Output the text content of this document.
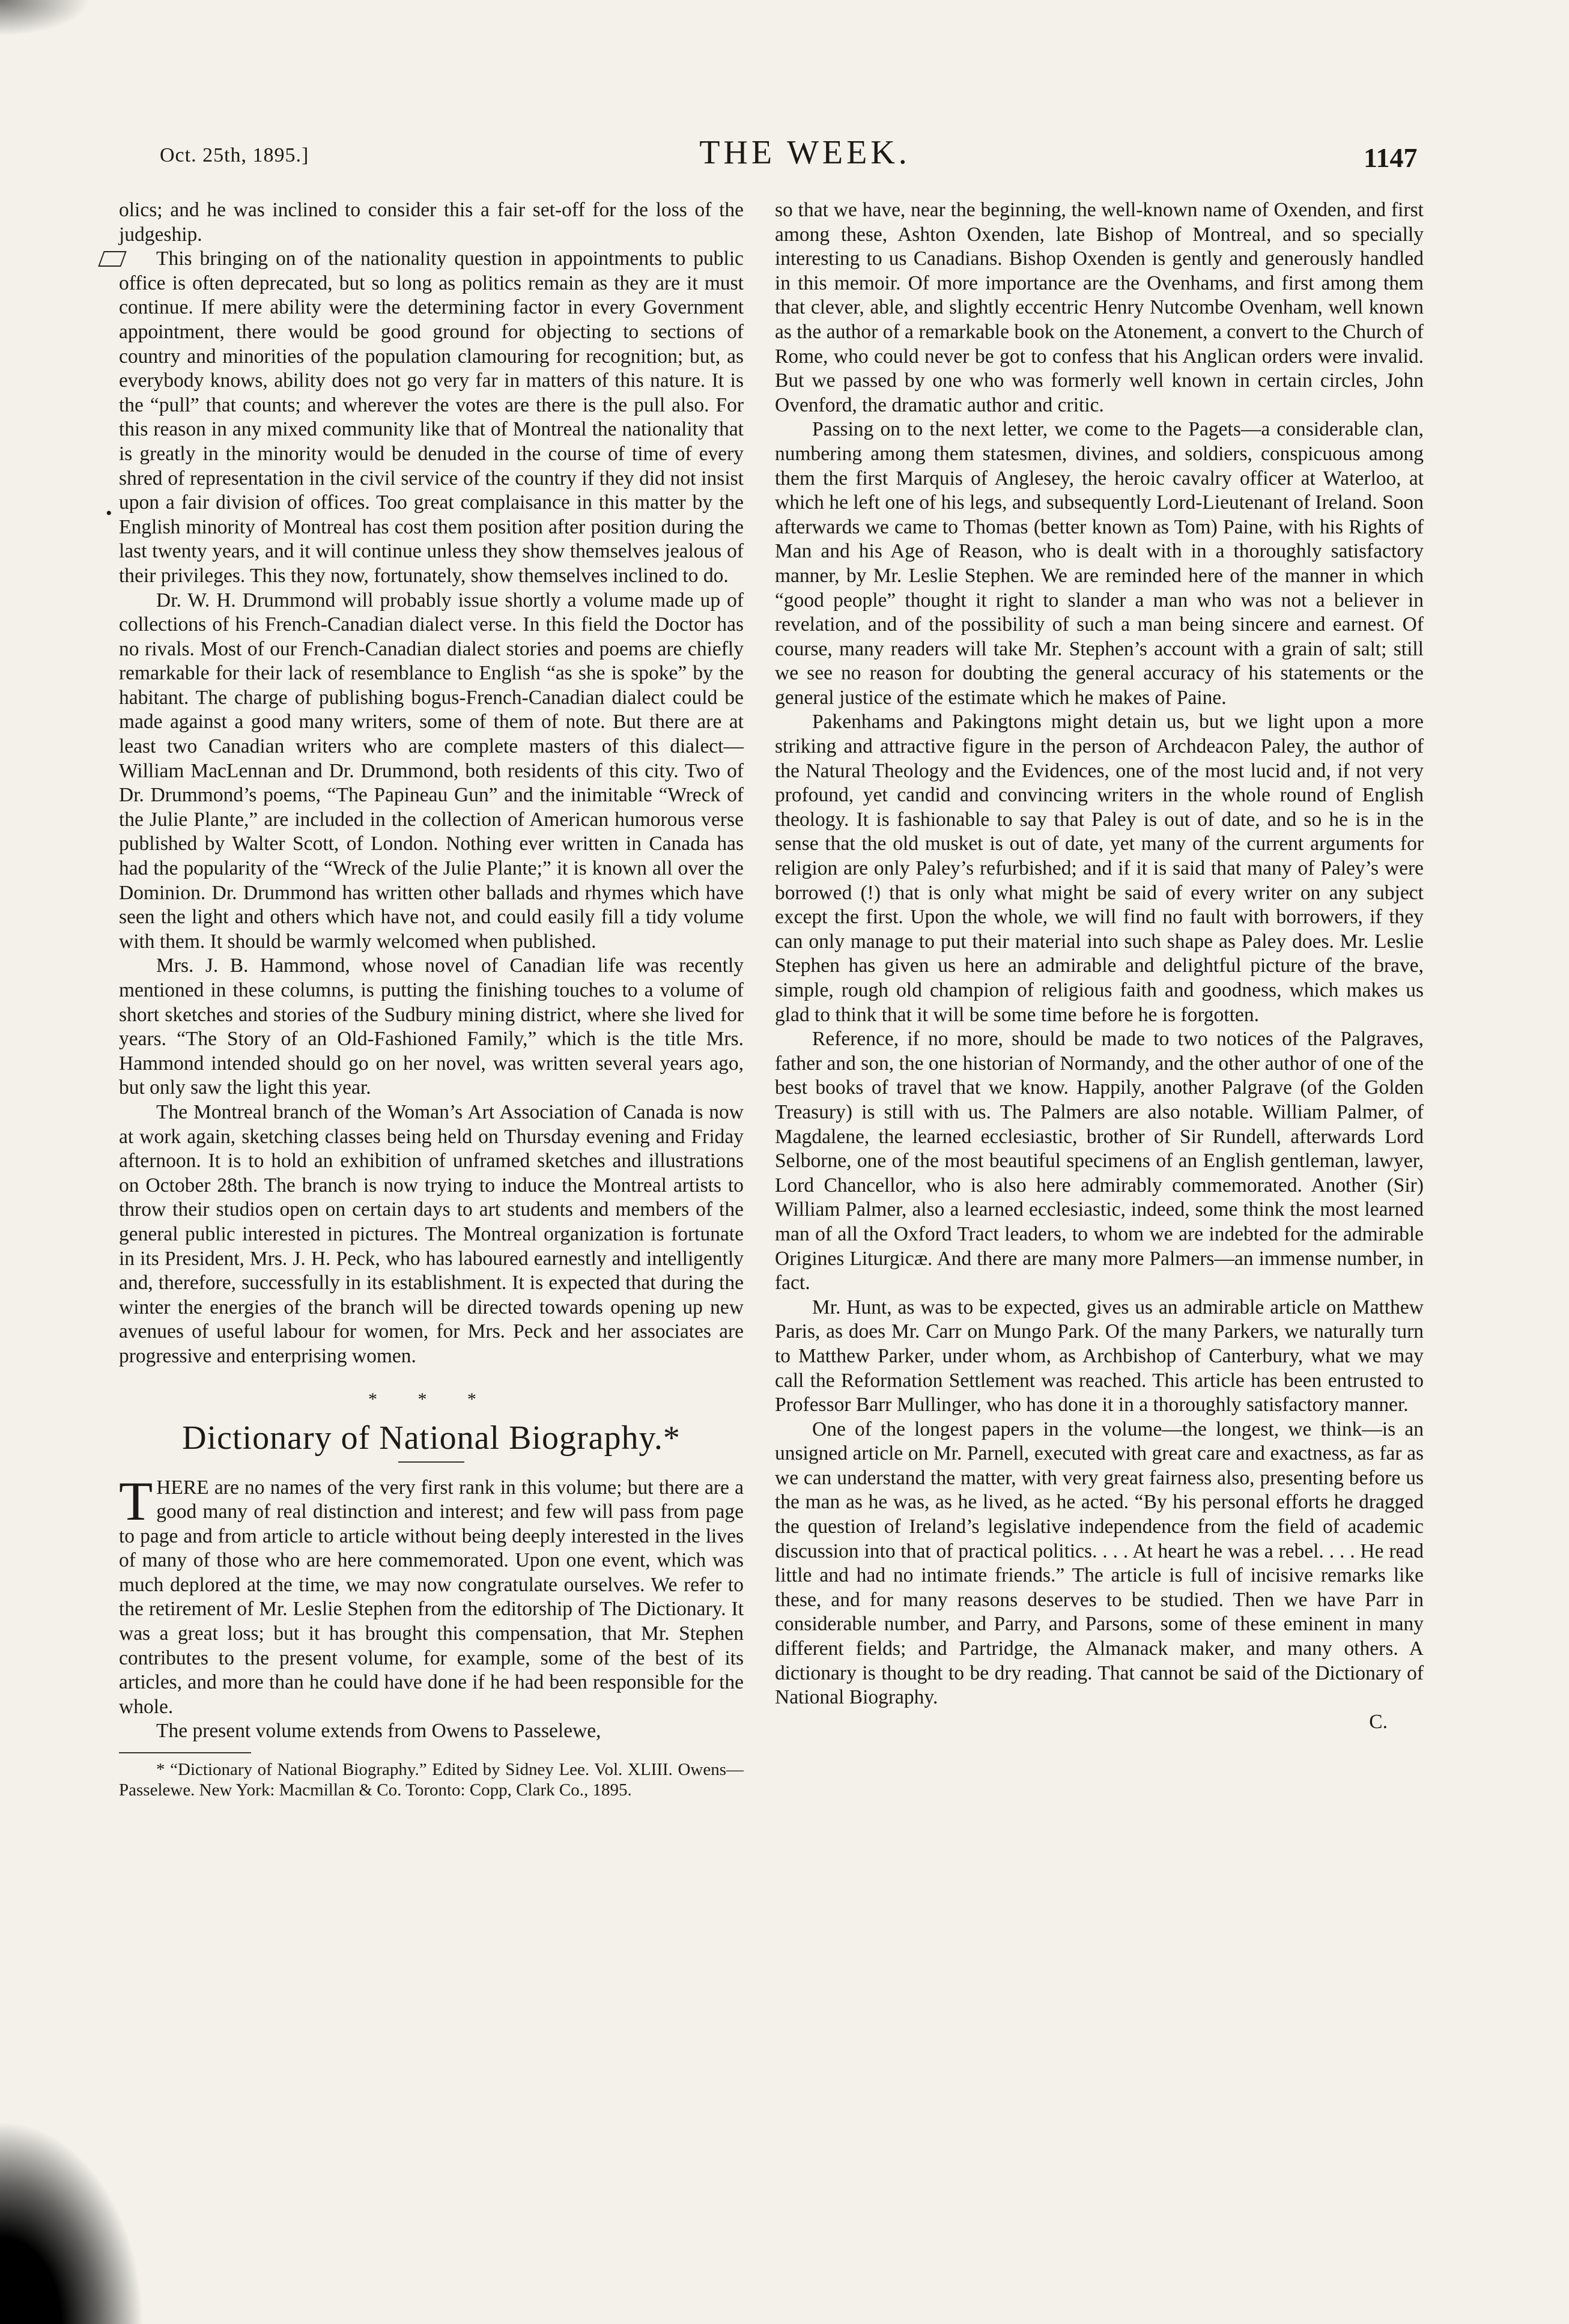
Oct. 25th, 1895.]	THE WEEK.	1147
•

olics; and he was inclined to consider this a fair set-off for the loss of the judgeship.

This bringing on of the nationality question in appointments to public office is often deprecated, but so long as politics remain as they are it must continue. If mere ability were the determining factor in every Government appointment, there would be good ground for objecting to sections of country and minorities of the population clamouring for recognition; but, as everybody knows, ability does not go very far in matters of this nature. It is the “pull” that counts; and wherever the votes are there is the pull also. For this reason in any mixed community like that of Montreal the nationality that is greatly in the minority would be denuded in the course of time of every shred of representation in the civil service of the country if they did not insist upon a fair division of offices. Too great complaisance in this matter by the English minority of Montreal has cost them position after position during the last twenty years, and it will continue unless they show themselves jealous of their privileges. This they now, fortunately, show themselves inclined to do.

Dr. W. H. Drummond will probably issue shortly a volume made up of collections of his French-Canadian dialect verse. In this field the Doctor has no rivals. Most of our French-Canadian dialect stories and poems are chiefly remarkable for their lack of resemblance to English “as she is spoke” by the habitant. The charge of publishing bogus-French-Canadian dialect could be made against a good many writers, some of them of note. But there are at least two Canadian writers who are complete masters of this dialect—William MacLennan and Dr. Drummond, both residents of this city. Two of Dr. Drummond’s poems, “The Papineau Gun” and the inimitable “Wreck of the Julie Plante,” are included in the collection of American humorous verse published by Walter Scott, of London. Nothing ever written in Canada has had the popularity of the “Wreck of the Julie Plante;” it is known all over the Dominion. Dr. Drummond has written other ballads and rhymes which have seen the light and others which have not, and could easily fill a tidy volume with them. It should be warmly welcomed when published.

Mrs. J. B. Hammond, whose novel of Canadian life was recently mentioned in these columns, is putting the finishing touches to a volume of short sketches and stories of the Sudbury mining district, where she lived for years. “The Story of an Old-Fashioned Family,” which is the title Mrs. Hammond intended should go on her novel, was written several years ago, but only saw the light this year.

The Montreal branch of the Woman’s Art Association of Canada is now at work again, sketching classes being held on Thursday evening and Friday afternoon. It is to hold an exhibition of unframed sketches and illustrations on October 28th. The branch is now trying to induce the Montreal artists to throw their studios open on certain days to art students and members of the general public interested in pictures. The Montreal organization is fortunate in its President, Mrs. J. H. Peck, who has laboured earnestly and intelligently and, therefore, successfully in its establishment. It is expected that during the winter the energies of the branch will be directed towards opening up new avenues of useful labour for women, for Mrs. Peck and her associates are progressive and enterprising women.

* * *
Dictionary of National Biography.*

THERE are no names of the very first rank in this volume; but there are a good many of real distinction and interest; and few will pass from page to page and from article to article without being deeply interested in the lives of many of those who are here commemorated. Upon one event, which was much deplored at the time, we may now congratulate ourselves. We refer to the retirement of Mr. Leslie Stephen from the editorship of The Dictionary. It was a great loss; but it has brought this compensation, that Mr. Stephen contributes to the present volume, for example, some of the best of its articles, and more than he could have done if he had been responsible for the whole.

The present volume extends from Owens to Passelewe,

* “Dictionary of National Biography.” Edited by Sidney Lee. Vol. XLIII. Owens—Passelewe. New York: Macmillan & Co. Toronto: Copp, Clark Co., 1895.

so that we have, near the beginning, the well-known name of Oxenden, and first among these, Ashton Oxenden, late Bishop of Montreal, and so specially interesting to us Canadians. Bishop Oxenden is gently and generously handled in this memoir. Of more importance are the Ovenhams, and first among them that clever, able, and slightly eccentric Henry Nutcombe Ovenham, well known as the author of a remarkable book on the Atonement, a convert to the Church of Rome, who could never be got to confess that his Anglican orders were invalid. But we passed by one who was formerly well known in certain circles, John Ovenford, the dramatic author and critic.

Passing on to the next letter, we come to the Pagets—a considerable clan, numbering among them statesmen, divines, and soldiers, conspicuous among them the first Marquis of Anglesey, the heroic cavalry officer at Waterloo, at which he left one of his legs, and subsequently Lord-Lieutenant of Ireland. Soon afterwards we came to Thomas (better known as Tom) Paine, with his Rights of Man and his Age of Reason, who is dealt with in a thoroughly satisfactory manner, by Mr. Leslie Stephen. We are reminded here of the manner in which “good people” thought it right to slander a man who was not a believer in revelation, and of the possibility of such a man being sincere and earnest. Of course, many readers will take Mr. Stephen’s account with a grain of salt; still we see no reason for doubting the general accuracy of his statements or the general justice of the estimate which he makes of Paine.

Pakenhams and Pakingtons might detain us, but we light upon a more striking and attractive figure in the person of Archdeacon Paley, the author of the Natural Theology and the Evidences, one of the most lucid and, if not very profound, yet candid and convincing writers in the whole round of English theology. It is fashionable to say that Paley is out of date, and so he is in the sense that the old musket is out of date, yet many of the current arguments for religion are only Paley’s refurbished; and if it is said that many of Paley’s were borrowed (!) that is only what might be said of every writer on any subject except the first. Upon the whole, we will find no fault with borrowers, if they can only manage to put their material into such shape as Paley does. Mr. Leslie Stephen has given us here an admirable and delightful picture of the brave, simple, rough old champion of religious faith and goodness, which makes us glad to think that it will be some time before he is forgotten.

Reference, if no more, should be made to two notices of the Palgraves, father and son, the one historian of Normandy, and the other author of one of the best books of travel that we know. Happily, another Palgrave (of the Golden Treasury) is still with us. The Palmers are also notable. William Palmer, of Magdalene, the learned ecclesiastic, brother of Sir Rundell, afterwards Lord Selborne, one of the most beautiful specimens of an English gentleman, lawyer, Lord Chancellor, who is also here admirably commemorated. Another (Sir) William Palmer, also a learned ecclesiastic, indeed, some think the most learned man of all the Oxford Tract leaders, to whom we are indebted for the admirable Origines Liturgicæ. And there are many more Palmers—an immense number, in fact.

Mr. Hunt, as was to be expected, gives us an admirable article on Matthew Paris, as does Mr. Carr on Mungo Park. Of the many Parkers, we naturally turn to Matthew Parker, under whom, as Archbishop of Canterbury, what we may call the Reformation Settlement was reached. This article has been entrusted to Professor Barr Mullinger, who has done it in a thoroughly satisfactory manner.

One of the longest papers in the volume—the longest, we think—is an unsigned article on Mr. Parnell, executed with great care and exactness, as far as we can understand the matter, with very great fairness also, presenting before us the man as he was, as he lived, as he acted. “By his personal efforts he dragged the question of Ireland’s legislative independence from the field of academic discussion into that of practical politics. . . . At heart he was a rebel. . . . He read little and had no intimate friends.” The article is full of incisive remarks like these, and for many reasons deserves to be studied. Then we have Parr in considerable number, and Parry, and Parsons, some of these eminent in many different fields; and Partridge, the Almanack maker, and many others. A dictionary is thought to be dry reading. That cannot be said of the Dictionary of National Biography.

C.
